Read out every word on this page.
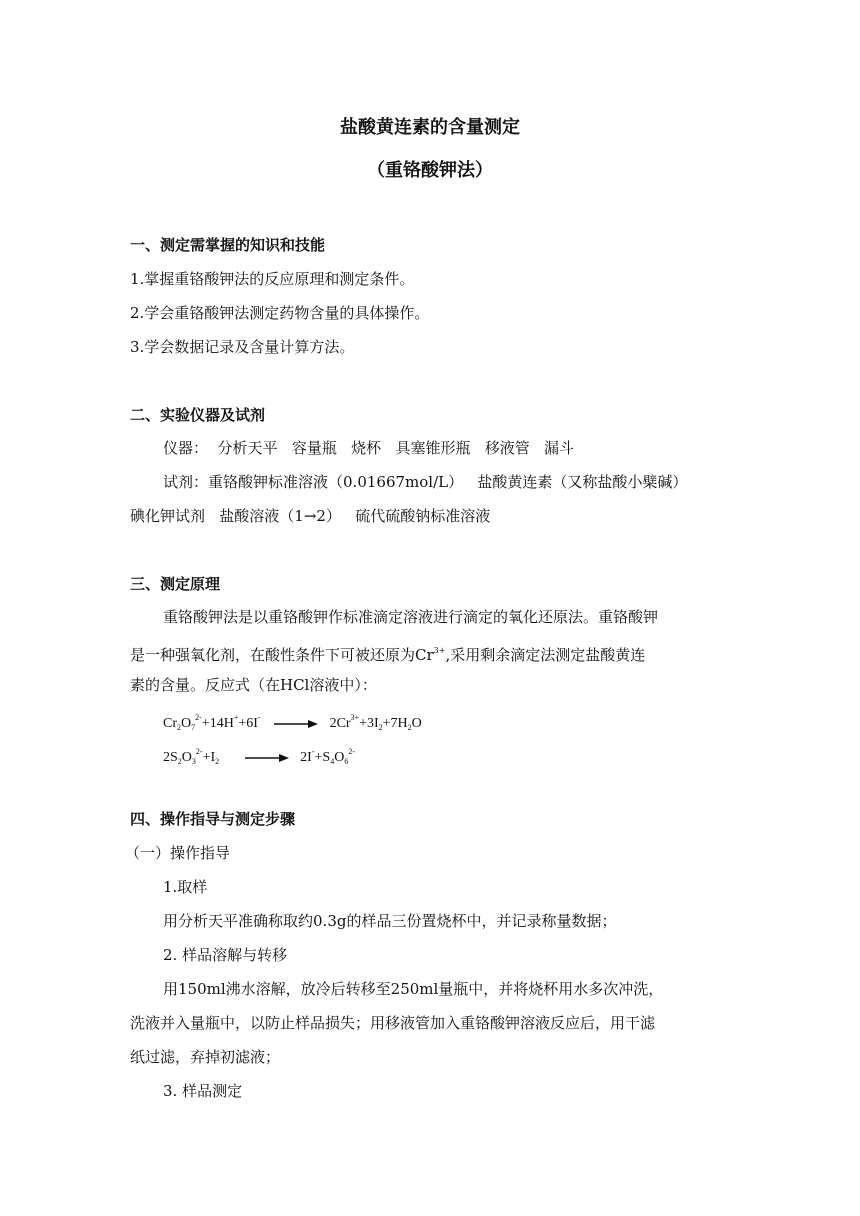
盐酸黄连素的含量测定
（重铬酸钾法）
一、测定需掌握的知识和技能
1.掌握重铬酸钾法的反应原理和测定条件。
2.学会重铬酸钾法测定药物含量的具体操作。
3.学会数据记录及含量计算方法。
二、实验仪器及试剂
仪器：  分析天平   容量瓶   烧杯   具塞锥形瓶   移液管   漏斗
试剂：重铬酸钾标准溶液（0.01667mol/L）   盐酸黄连素（又称盐酸小檗碱）
碘化钾试剂   盐酸溶液（1→2）   硫代硫酸钠标准溶液
三、测定原理
重铬酸钾法是以重铬酸钾作标准滴定溶液进行滴定的氧化还原法。重铬酸钾
是一种强氧化剂，在酸性条件下可被还原为$Cr^{3+}$,采用剩余滴定法测定盐酸黄连
素的含量。反应式（在HCl溶液中）：
$Cr_2O_7^{2-}+14H^++6I^- \to 2Cr^{3+}+3I_2+7H_2O$
$2S_2O_3^{2-}+I_2 \to 2I^-+S_4O_6^{2-}$
四、操作指导与测定步骤
（一）操作指导
1.取样
用分析天平准确称取约0.3g的样品三份置烧杯中，并记录称量数据；
2. 样品溶解与转移
用150ml沸水溶解，放冷后转移至250ml量瓶中，并将烧杯用水多次冲洗，
洗液并入量瓶中，以防止样品损失；用移液管加入重铬酸钾溶液反应后，用干滤
纸过滤，弃掉初滤液；
3. 样品测定
